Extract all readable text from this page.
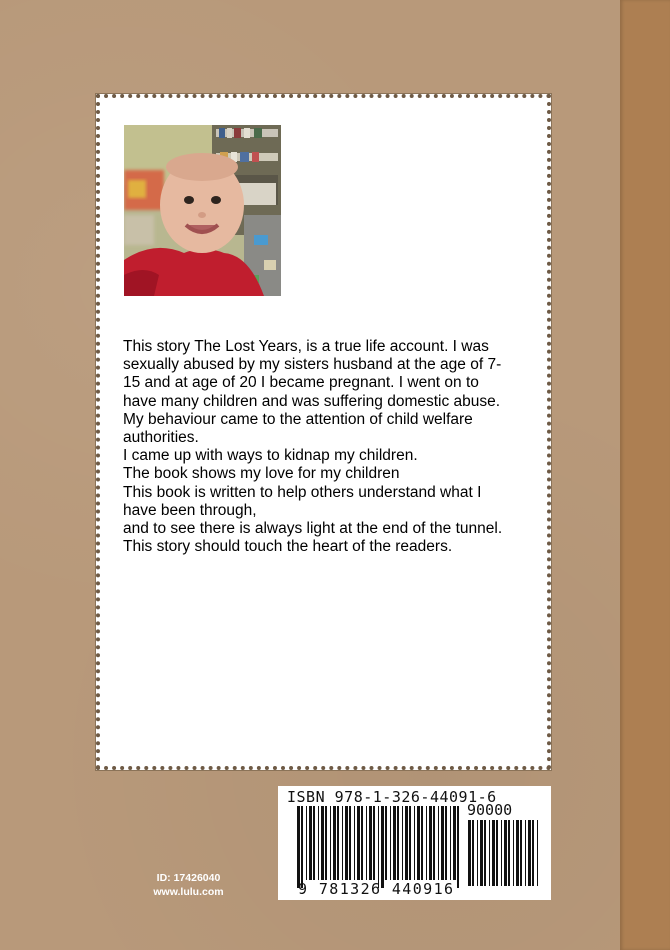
This story The Lost Years, is a true life account. I was
sexually abused by my sisters husband at the age of 7-
15 and at age of 20 I became pregnant. I went on to
have many children and was suffering domestic abuse.
My behaviour came to the attention of child welfare
authorities.
I came up with ways to kidnap my children.
The book shows my love for my children
This book is written to help others understand what I
have been through,
and to see there is always light at the end of the tunnel.
This story should touch the heart of the readers.
ISBN 978-1-326-44091-6
90000
9 781326 440916
ID: 17426040
www.lulu.com
